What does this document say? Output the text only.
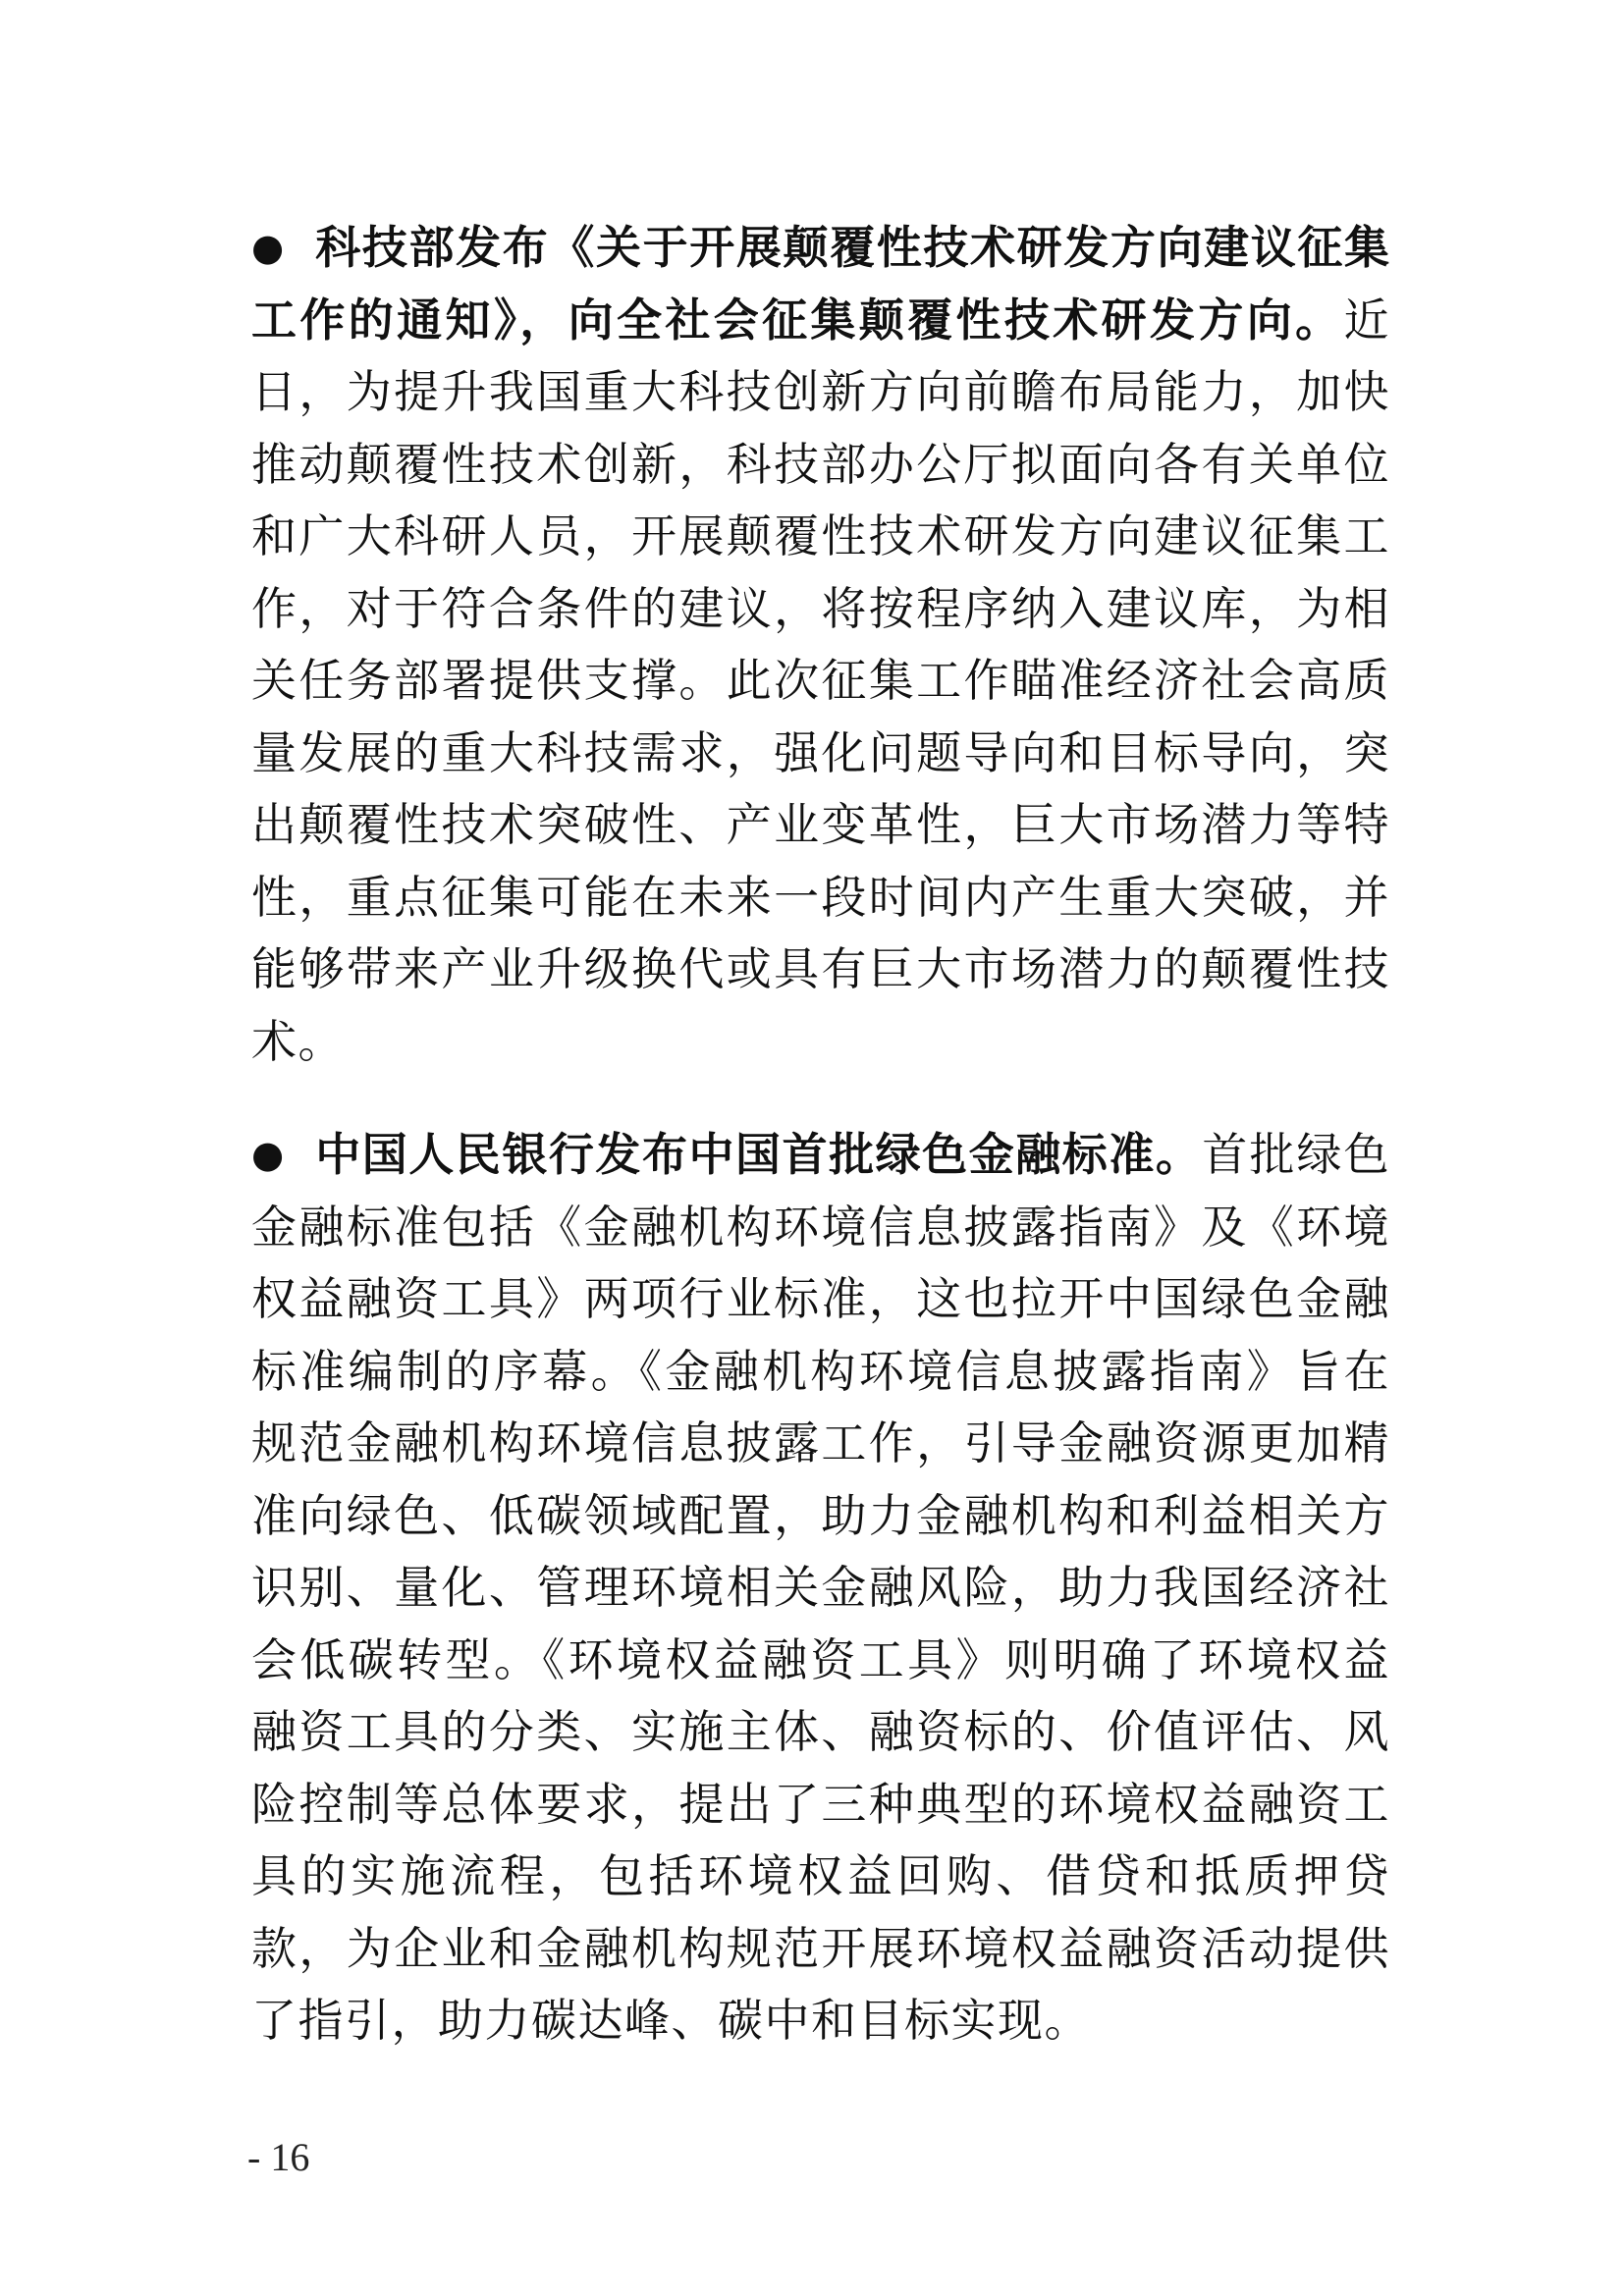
● 科技部发布《关于开展颠覆性技术研发方向建议征集工作的通知》，向全社会征集颠覆性技术研发方向。近日，为提升我国重大科技创新方向前瞻布局能力，加快推动颠覆性技术创新，科技部办公厅拟面向各有关单位和广大科研人员，开展颠覆性技术研发方向建议征集工作，对于符合条件的建议，将按程序纳入建议库，为相关任务部署提供支撑。此次征集工作瞄准经济社会高质量发展的重大科技需求，强化问题导向和目标导向，突出颠覆性技术突破性、产业变革性，巨大市场潜力等特性，重点征集可能在未来一段时间内产生重大突破，并能够带来产业升级换代或具有巨大市场潜力的颠覆性技术。

● 中国人民银行发布中国首批绿色金融标准。首批绿色金融标准包括《金融机构环境信息披露指南》及《环境权益融资工具》两项行业标准，这也拉开中国绿色金融标准编制的序幕。《金融机构环境信息披露指南》旨在规范金融机构环境信息披露工作，引导金融资源更加精准向绿色、低碳领域配置，助力金融机构和利益相关方识别、量化、管理环境相关金融风险，助力我国经济社会低碳转型。《环境权益融资工具》则明确了环境权益融资工具的分类、实施主体、融资标的、价值评估、风险控制等总体要求，提出了三种典型的环境权益融资工具的实施流程，包括环境权益回购、借贷和抵质押贷款，为企业和金融机构规范开展环境权益融资活动提供了指引，助力碳达峰、碳中和目标实现。

- 16
